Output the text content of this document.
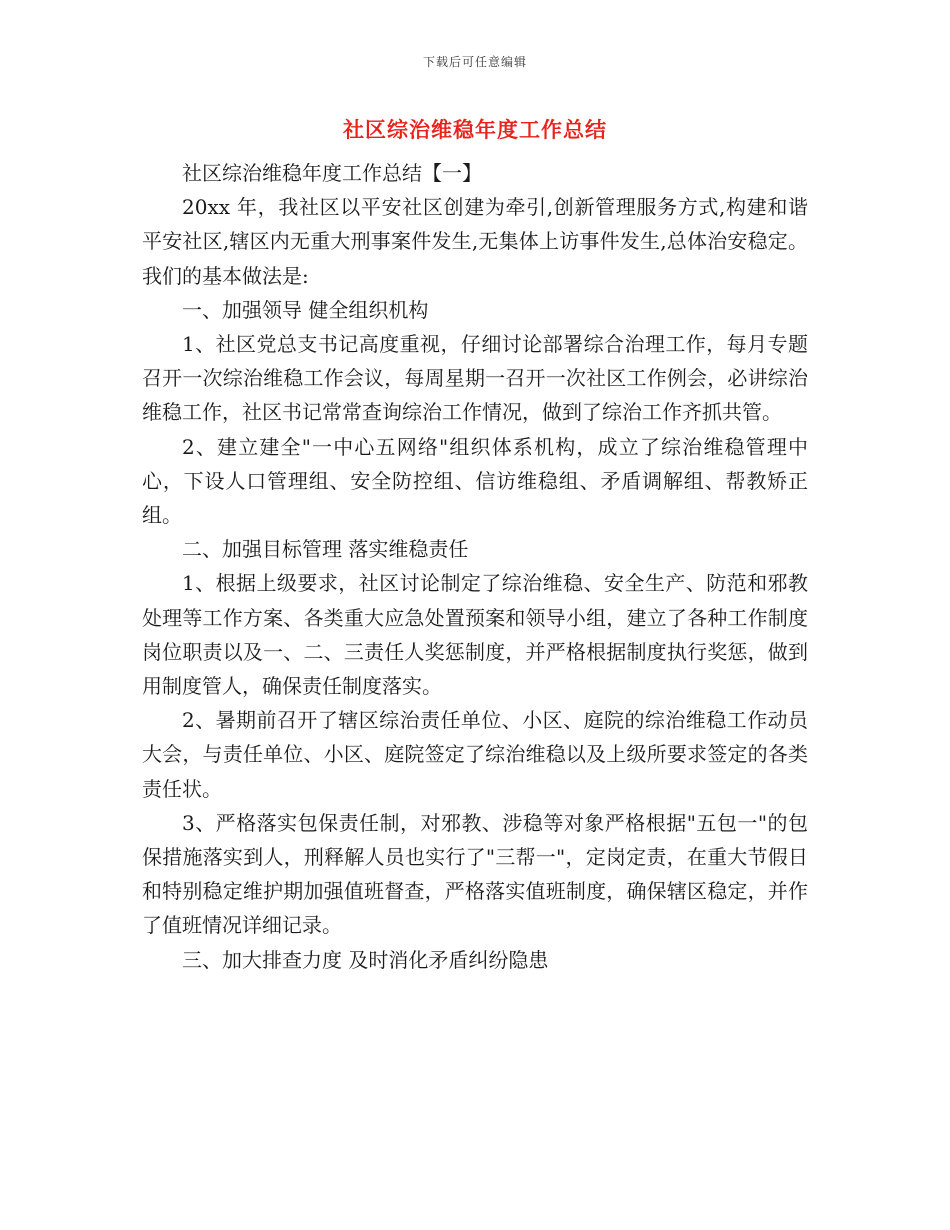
下载后可任意编辑
社区综治维稳年度工作总结

社区综治维稳年度工作总结【一】

20xx 年，我社区以平安社区创建为牵引,创新管理服务方式,构建和谐平安社区,辖区内无重大刑事案件发生,无集体上访事件发生,总体治安稳定。我们的基本做法是:

一、加强领导 健全组织机构

1、社区党总支书记高度重视，仔细讨论部署综合治理工作，每月专题召开一次综治维稳工作会议，每周星期一召开一次社区工作例会，必讲综治维稳工作，社区书记常常查询综治工作情况，做到了综治工作齐抓共管。

2、建立建全"一中心五网络"组织体系机构，成立了综治维稳管理中心，下设人口管理组、安全防控组、信访维稳组、矛盾调解组、帮教矫正组。

二、加强目标管理 落实维稳责任

1、根据上级要求，社区讨论制定了综治维稳、安全生产、防范和邪教处理等工作方案、各类重大应急处置预案和领导小组，建立了各种工作制度岗位职责以及一、二、三责任人奖惩制度，并严格根据制度执行奖惩，做到用制度管人，确保责任制度落实。

2、暑期前召开了辖区综治责任单位、小区、庭院的综治维稳工作动员大会，与责任单位、小区、庭院签定了综治维稳以及上级所要求签定的各类责任状。

3、严格落实包保责任制，对邪教、涉稳等对象严格根据"五包一"的包保措施落实到人，刑释解人员也实行了"三帮一"，定岗定责，在重大节假日和特别稳定维护期加强值班督查，严格落实值班制度，确保辖区稳定，并作了值班情况详细记录。

三、加大排查力度 及时消化矛盾纠纷隐患
